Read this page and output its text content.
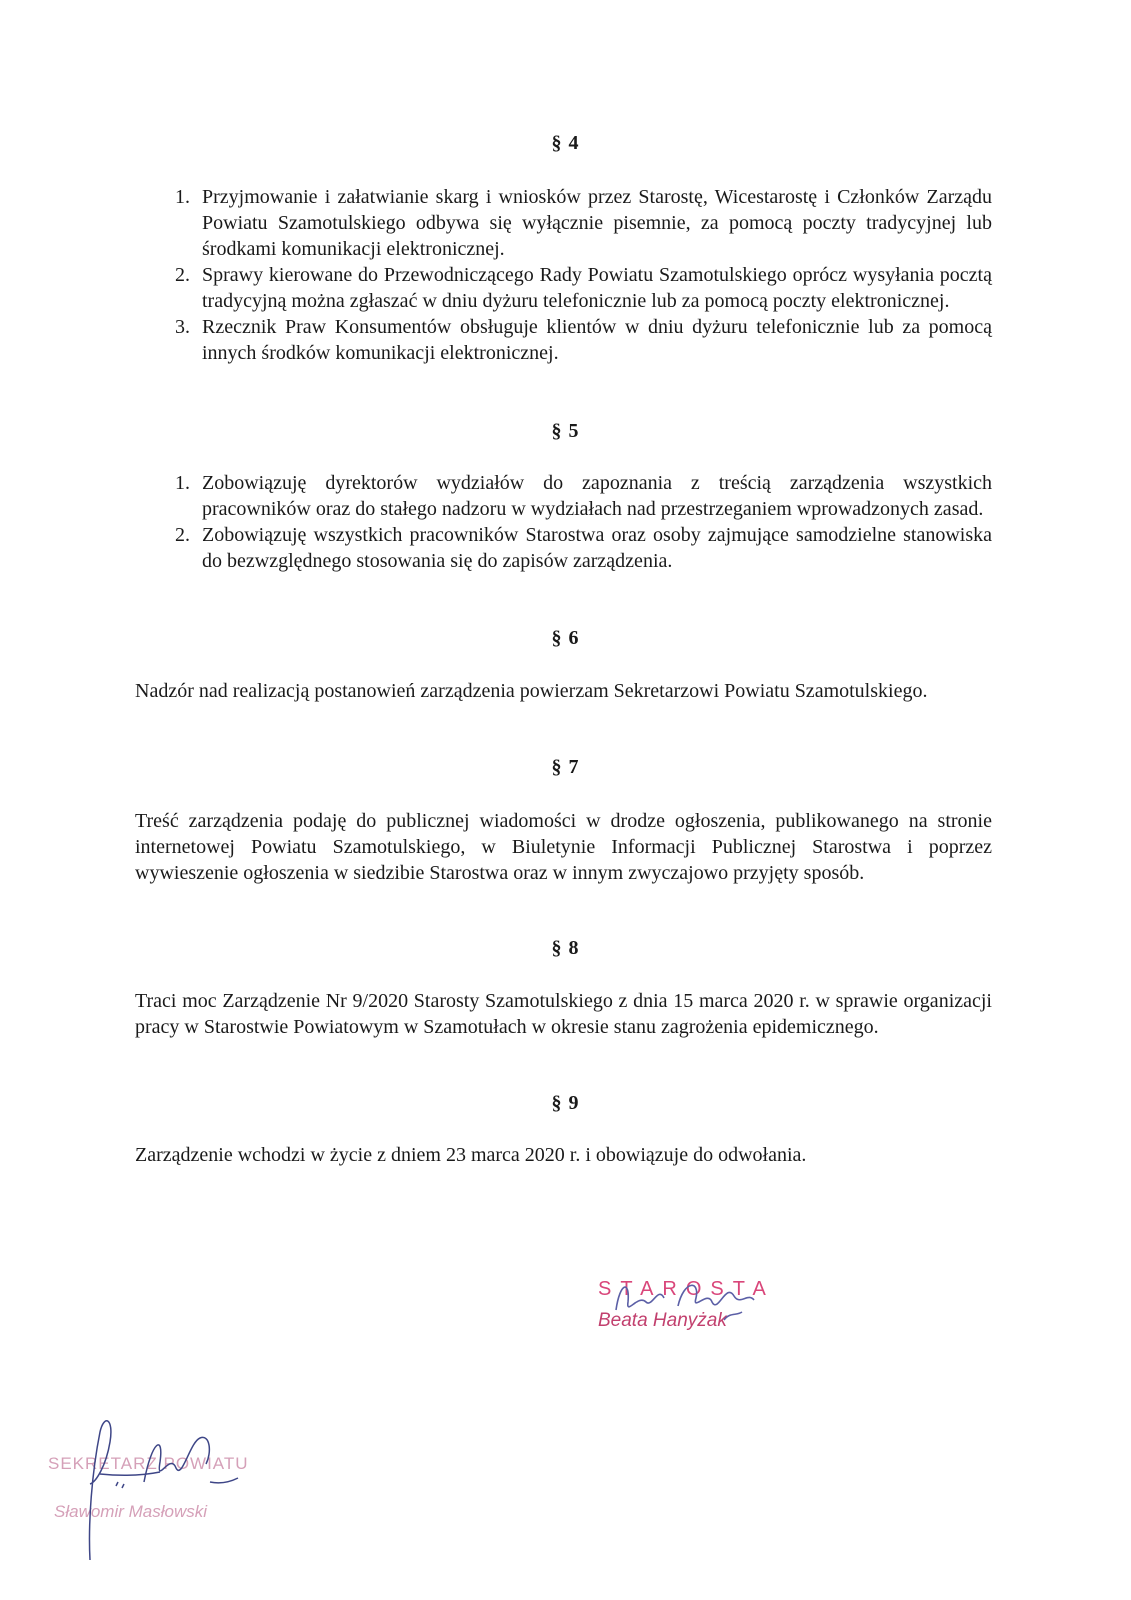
§ 4
1. Przyjmowanie i załatwianie skarg i wniosków przez Starostę, Wicestarostę i Członków Zarządu Powiatu Szamotulskiego odbywa się wyłącznie pisemnie, za pomocą poczty tradycyjnej lub środkami komunikacji elektronicznej.
2. Sprawy kierowane do Przewodniczącego Rady Powiatu Szamotulskiego oprócz wysyłania pocztą tradycyjną można zgłaszać w dniu dyżuru telefonicznie lub za pomocą poczty elektronicznej.
3. Rzecznik Praw Konsumentów obsługuje klientów w dniu dyżuru telefonicznie lub za pomocą innych środków komunikacji elektronicznej.
§ 5
1. Zobowiązuję dyrektorów wydziałów do zapoznania z treścią zarządzenia wszystkich pracowników oraz do stałego nadzoru w wydziałach nad przestrzeganiem wprowadzonych zasad.
2. Zobowiązuję wszystkich pracowników Starostwa oraz osoby zajmujące samodzielne stanowiska do bezwzględnego stosowania się do zapisów zarządzenia.
§ 6
Nadzór nad realizacją postanowień zarządzenia powierzam Sekretarzowi Powiatu Szamotulskiego.
§ 7
Treść zarządzenia podaję do publicznej wiadomości w drodze ogłoszenia, publikowanego na stronie internetowej Powiatu Szamotulskiego, w Biuletynie Informacji Publicznej Starostwa i poprzez wywieszenie ogłoszenia w siedzibie Starostwa oraz w innym zwyczajowo przyjęty sposób.
§ 8
Traci moc Zarządzenie Nr 9/2020 Starosty Szamotulskiego z dnia 15 marca 2020 r. w sprawie organizacji pracy w Starostwie Powiatowym w Szamotułach w okresie stanu zagrożenia epidemicznego.
§ 9
Zarządzenie wchodzi w życie z dniem 23 marca 2020 r. i obowiązuje do odwołania.
STAROSTA
Beata Hanyżak
SEKRETARZ POWIATU
Sławomir Masłowski
